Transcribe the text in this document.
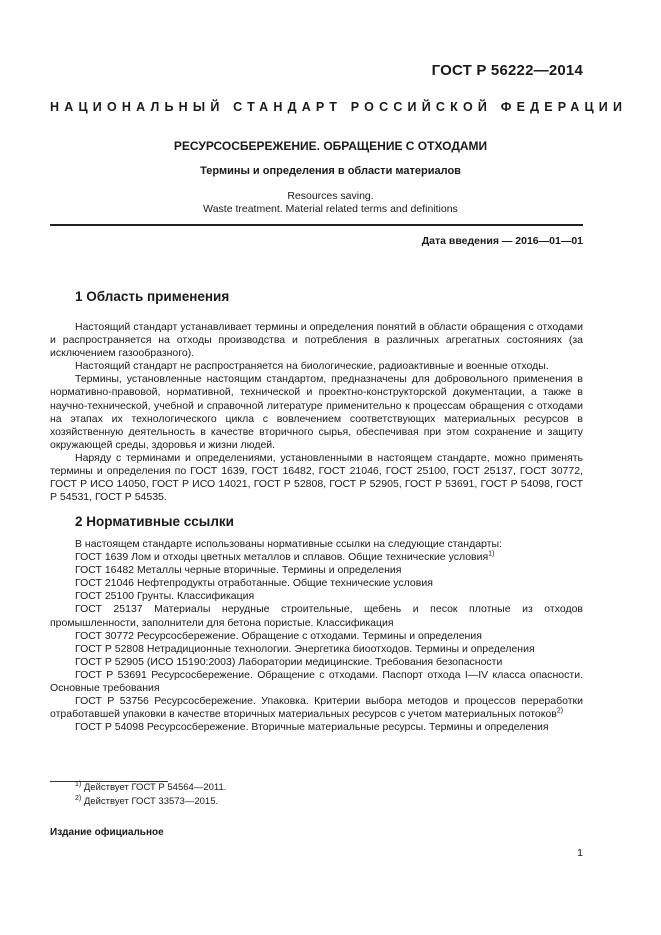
ГОСТ Р 56222—2014
НАЦИОНАЛЬНЫЙ СТАНДАРТ РОССИЙСКОЙ ФЕДЕРАЦИИ
РЕСУРСОСБЕРЕЖЕНИЕ. ОБРАЩЕНИЕ С ОТХОДАМИ
Термины и определения в области материалов
Resources saving.
Waste treatment. Material related terms and definitions
Дата введения — 2016—01—01
1 Область применения

Настоящий стандарт устанавливает термины и определения понятий в области обращения с отходами и распространяется на отходы производства и потребления в различных агрегатных состояниях (за исключением газообразного).

Настоящий стандарт не распространяется на биологические, радиоактивные и военные отходы.

Термины, установленные настоящим стандартом, предназначены для добровольного применения в нормативно-правовой, нормативной, технической и проектно-конструкторской документации, а также в научно-технической, учебной и справочной литературе применительно к процессам обращения с отходами на этапах их технологического цикла с вовлечением соответствующих материальных ресурсов в хозяйственную деятельность в качестве вторичного сырья, обеспечивая при этом сохранение и защиту окружающей среды, здоровья и жизни людей.

Наряду с терминами и определениями, установленными в настоящем стандарте, можно применять термины и определения по ГОСТ 1639, ГОСТ 16482, ГОСТ 21046, ГОСТ 25100, ГОСТ 25137, ГОСТ 30772, ГОСТ Р ИСО 14050, ГОСТ Р ИСО 14021, ГОСТ Р 52808, ГОСТ Р 52905, ГОСТ Р 53691, ГОСТ Р 54098, ГОСТ Р 54531, ГОСТ Р 54535.

2 Нормативные ссылки

В настоящем стандарте использованы нормативные ссылки на следующие стандарты:

ГОСТ 1639 Лом и отходы цветных металлов и сплавов. Общие технические условия$^{1)}$

ГОСТ 16482 Металлы черные вторичные. Термины и определения

ГОСТ 21046 Нефтепродукты отработанные. Общие технические условия

ГОСТ 25100 Грунты. Классификация

ГОСТ 25137 Материалы нерудные строительные, щебень и песок плотные из отходов промышленности, заполнители для бетона пористые. Классификация

ГОСТ 30772 Ресурсосбережение. Обращение с отходами. Термины и определения

ГОСТ Р 52808 Нетрадиционные технологии. Энергетика биоотходов. Термины и определения

ГОСТ Р 52905 (ИСО 15190:2003) Лаборатории медицинские. Требования безопасности

ГОСТ Р 53691 Ресурсосбережение. Обращение с отходами. Паспорт отхода I—IV класса опасности. Основные требования

ГОСТ Р 53756 Ресурсосбережение. Упаковка. Критерии выбора методов и процессов переработки отработавшей упаковки в качестве вторичных материальных ресурсов с учетом материальных потоков$^{2)}$

ГОСТ Р 54098 Ресурсосбережение. Вторичные материальные ресурсы. Термины и определения

$^{1)}$ Действует ГОСТ Р 54564—2011.
$^{2)}$ Действует ГОСТ 33573—2015.
Издание официальное
1
